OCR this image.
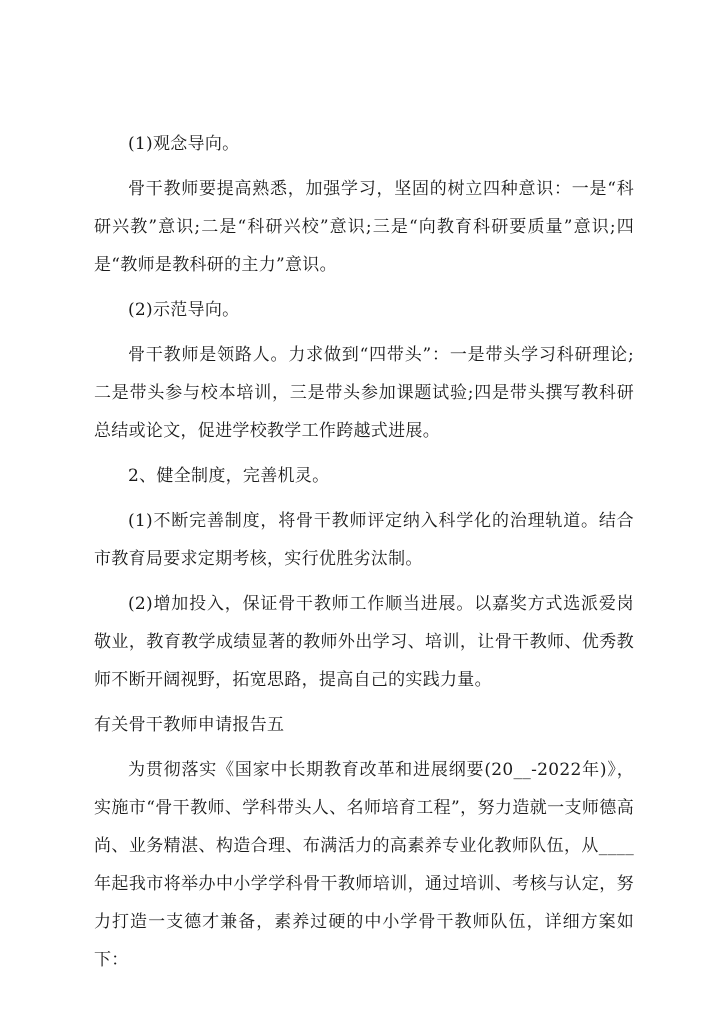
(1)观念导向。

骨干教师要提高熟悉，加强学习，坚固的树立四种意识：一是“科研兴教”意识;二是“科研兴校”意识;三是“向教育科研要质量”意识;四是“教师是教科研的主力”意识。

(2)示范导向。

骨干教师是领路人。力求做到“四带头”：一是带头学习科研理论;二是带头参与校本培训，三是带头参加课题试验;四是带头撰写教科研总结或论文，促进学校教学工作跨越式进展。

2、健全制度，完善机灵。

(1)不断完善制度，将骨干教师评定纳入科学化的治理轨道。结合市教育局要求定期考核，实行优胜劣汰制。

(2)增加投入，保证骨干教师工作顺当进展。以嘉奖方式选派爱岗敬业，教育教学成绩显著的教师外出学习、培训，让骨干教师、优秀教师不断开阔视野，拓宽思路，提高自己的实践力量。

有关骨干教师申请报告五

为贯彻落实《国家中长期教育改革和进展纲要(20__-2022年)》，实施市“骨干教师、学科带头人、名师培育工程”，努力造就一支师德高尚、业务精湛、构造合理、布满活力的高素养专业化教师队伍，从____年起我市将举办中小学学科骨干教师培训，通过培训、考核与认定，努力打造一支德才兼备，素养过硬的中小学骨干教师队伍，详细方案如下：
